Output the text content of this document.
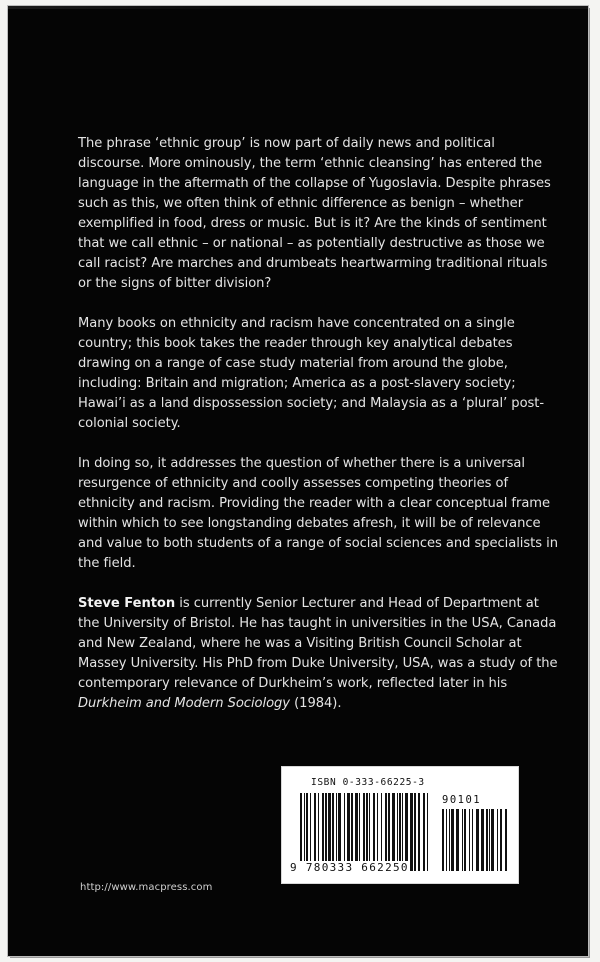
The phrase ‘ethnic group’ is now part of daily news and political discourse. More ominously, the term ‘ethnic cleansing’ has entered the language in the aftermath of the collapse of Yugoslavia. Despite phrases such as this, we often think of ethnic difference as benign – whether exemplified in food, dress or music. But is it? Are the kinds of sentiment that we call ethnic – or national – as potentially destructive as those we call racist? Are marches and drumbeats heartwarming traditional rituals or the signs of bitter division?

Many books on ethnicity and racism have concentrated on a single country; this book takes the reader through key analytical debates drawing on a range of case study material from around the globe, including: Britain and migration; America as a post-slavery society; Hawai’i as a land dispossession society; and Malaysia as a ‘plural’ post-colonial society.

In doing so, it addresses the question of whether there is a universal resurgence of ethnicity and coolly assesses competing theories of ethnicity and racism. Providing the reader with a clear conceptual frame within which to see longstanding debates afresh, it will be of relevance and value to both students of a range of social sciences and specialists in the field.

Steve Fenton is currently Senior Lecturer and Head of Department at the University of Bristol. He has taught in universities in the USA, Canada and New Zealand, where he was a Visiting British Council Scholar at Massey University. His PhD from Duke University, USA, was a study of the contemporary relevance of Durkheim’s work, reflected later in his Durkheim and Modern Sociology (1984).

ISBN 0-333-66225-3
90101
9 780333 662250
http://www.macpress.com
